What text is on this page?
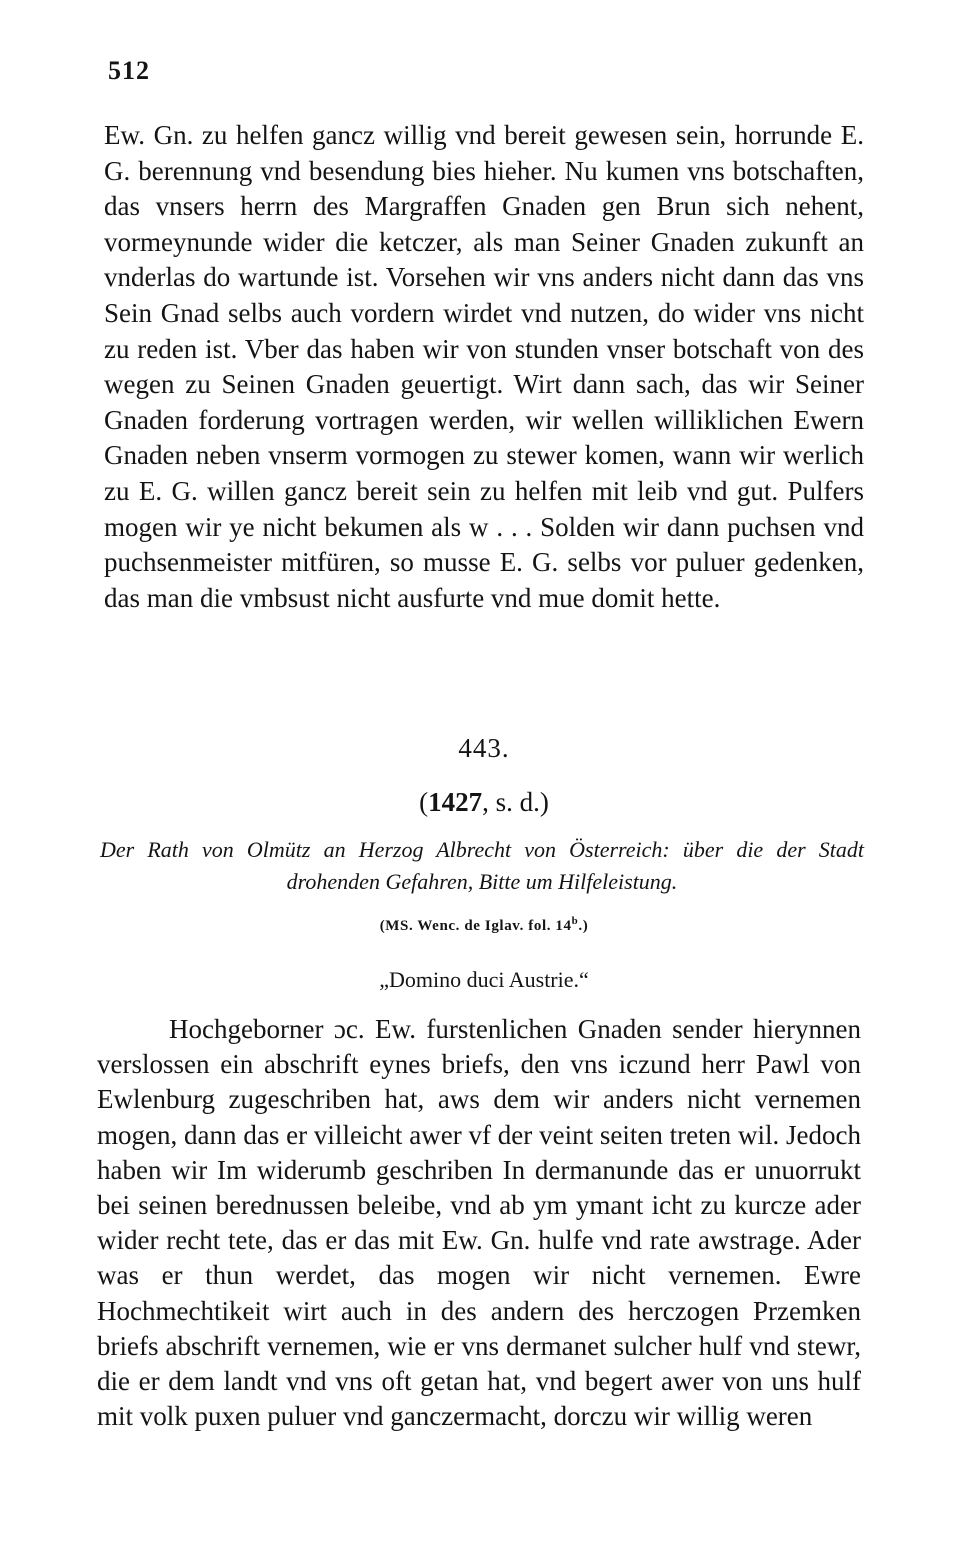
512

Ew. Gn. zu helfen gancz willig vnd bereit gewesen sein, horrunde E. G. berennung vnd besendung bies hieher. Nu kumen vns botschaften, das vnsers herrn des Margraffen Gnaden gen Brun sich nehent, vormeynunde wider die ketczer, als man Seiner Gnaden zukunft an vnderlas do wartunde ist. Vorsehen wir vns anders nicht dann das vns Sein Gnad selbs auch vordern wirdet vnd nutzen, do wider vns nicht zu reden ist. Vber das haben wir von stunden vnser botschaft von des wegen zu Seinen Gnaden geuertigt. Wirt dann sach, das wir Seiner Gnaden forderung vortragen werden, wir wellen williklichen Ewern Gnaden neben vnserm vormogen zu stewer komen, wann wir werlich zu E. G. willen gancz bereit sein zu helfen mit leib vnd gut. Pulfers mogen wir ye nicht bekumen als w . . . Solden wir dann puchsen vnd puchsenmeister mitfüren, so musse E. G. selbs vor puluer gedenken, das man die vmbsust nicht ausfurte vnd mue domit hette.

443.
(1427, s. d.)

Der Rath von Olmütz an Herzog Albrecht von Österreich: über die der Stadt drohenden Gefahren, Bitte um Hilfeleistung.

(MS. Wenc. de Iglav. fol. 14$^b$.)
„Domino duci Austrie.“

Hochgeborner ɔc. Ew. furstenlichen Gnaden sender hierynnen verslossen ein abschrift eynes briefs, den vns iczund herr Pawl von Ewlenburg zugeschriben hat, aws dem wir anders nicht vernemen mogen, dann das er villeicht awer vf der veint seiten treten wil. Jedoch haben wir Im widerumb geschriben In dermanunde das er unuorrukt bei seinen berednussen beleibe, vnd ab ym ymant icht zu kurcze ader wider recht tete, das er das mit Ew. Gn. hulfe vnd rate awstrage. Ader was er thun werdet, das mogen wir nicht vernemen. Ewre Hochmechtikeit wirt auch in des andern des herczogen Przemken briefs abschrift vernemen, wie er vns dermanet sulcher hulf vnd stewr, die er dem landt vnd vns oft getan hat, vnd begert awer von uns hulf mit volk puxen puluer vnd ganczermacht, dorczu wir willig weren
